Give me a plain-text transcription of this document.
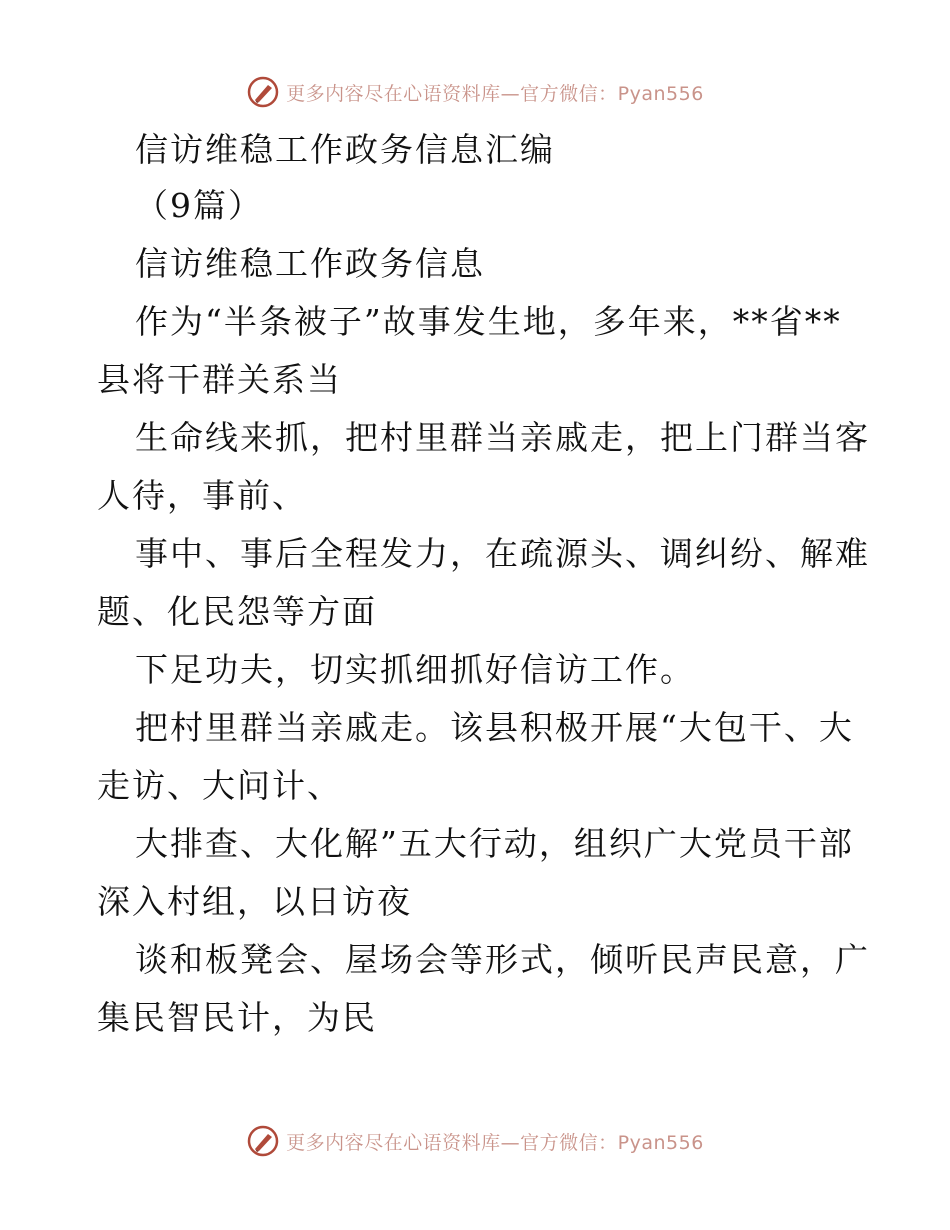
更多内容尽在心语资料库—官方微信：Pyan556
信访维稳工作政务信息汇编
（9篇）
信访维稳工作政务信息
作为“半条被子”故事发生地，多年来，**省**
县将干群关系当
生命线来抓，把村里群当亲戚走，把上门群当客
人待，事前、
事中、事后全程发力，在疏源头、调纠纷、解难
题、化民怨等方面
下足功夫，切实抓细抓好信访工作。
把村里群当亲戚走。该县积极开展“大包干、大
走访、大问计、
大排查、大化解”五大行动，组织广大党员干部
深入村组，以日访夜
谈和板凳会、屋场会等形式，倾听民声民意，广
集民智民计，为民
更多内容尽在心语资料库—官方微信：Pyan556
